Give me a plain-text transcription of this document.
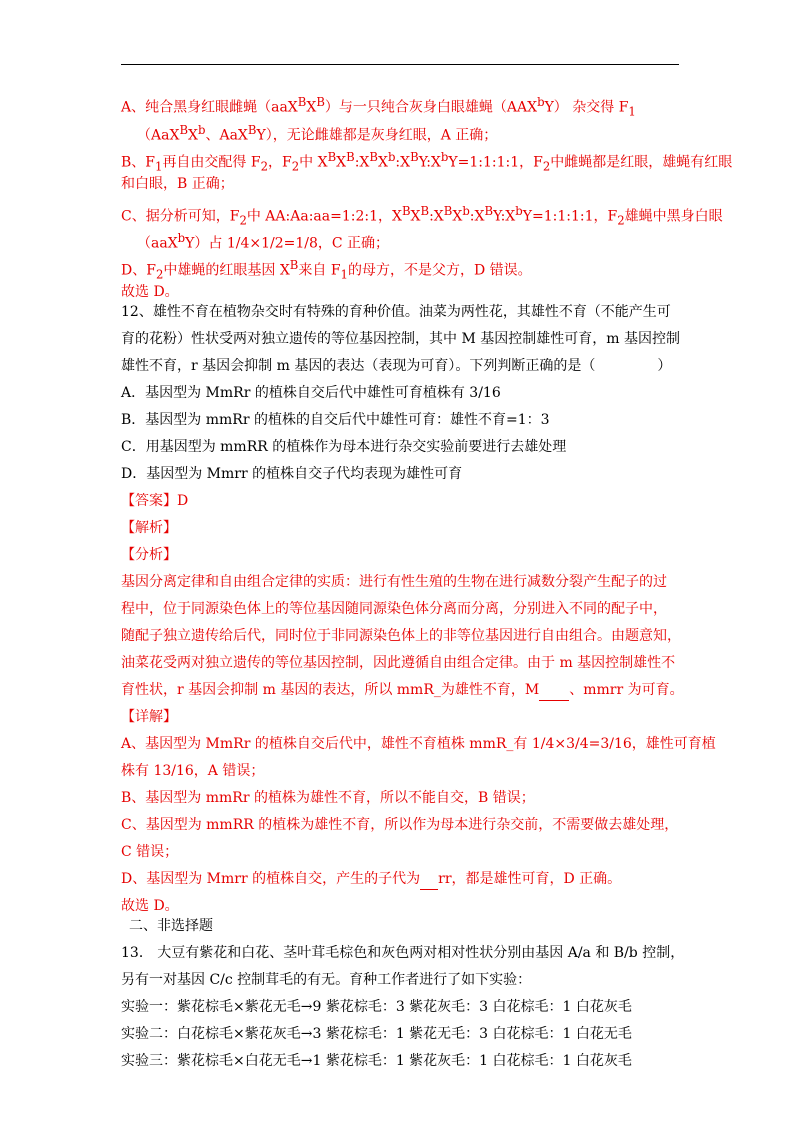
A、纯合黑身红眼雌蝇$(aaX^BX^B)$与一只纯合灰身白眼雄蝇（AAX$^b$Y） 杂交得 $F_1$
（$AaX^BX^b$、AaX$^B$Y），无论雌雄都是灰身红眼，A 正确；
B、$F_1$再自由交配得 $F_2$，$F_2$中 $X^BX^B:X^BX^b:X^BY:X^bY=1:1:1:1$，$F_2$中雌蝇都是红眼，雄蝇有红眼
和白眼，B 正确；
C、据分析可知，$F_2$中 AA:Aa:aa=1:2:1，$X^BX^B:X^BX^b:X^BY:X^bY=1:1:1:1$，$F_2$雄蝇中黑身白眼
（aaX$^b$Y）占 1/4×1/2=1/8，C 正确；
D、$F_2$中雄蝇的红眼基因 $X^B$来自 $F_1$的母方，不是父方，D 错误。
故选 D。
12、雄性不育在植物杂交时有特殊的育种价值。油菜为两性花，其雄性不育（不能产生可
育的花粉）性状受两对独立遗传的等位基因控制，其中 M 基因控制雄性可育，m 基因控制
雄性不育，r 基因会抑制 m 基因的表达（表现为可育）。下列判断正确的是（	）
A．基因型为 MmRr 的植株自交后代中雄性可育植株有 3/16
B．基因型为 mmRr 的植株的自交后代中雄性可育：雄性不育=1：3
C．用基因型为 mmRR 的植株作为母本进行杂交实验前要进行去雄处理
D．基因型为 Mmrr 的植株自交子代均表现为雄性可育
【答案】D
【解析】
【分析】
基因分离定律和自由组合定律的实质：进行有性生殖的生物在进行减数分裂产生配子的过
程中，位于同源染色体上的等位基因随同源染色体分离而分离，分别进入不同的配子中，
随配子独立遗传给后代，同时位于非同源染色体上的非等位基因进行自由组合。由题意知，
油菜花受两对独立遗传的等位基因控制，因此遵循自由组合定律。由于 m 基因控制雄性不
育性状，r 基因会抑制 m 基因的表达，所以 mmR_为雄性不育，M 、mmrr 为可育。
【详解】
A、基因型为 MmRr 的植株自交后代中，雄性不育植株 mmR_有 1/4×3/4=3/16，雄性可育植
株有 13/16，A 错误；
B、基因型为 mmRr 的植株为雄性不育，所以不能自交，B 错误；
C、基因型为 mmRR 的植株为雄性不育，所以作为母本进行杂交前，不需要做去雄处理，
C 错误；
D、基因型为 Mmrr 的植株自交，产生的子代为 rr，都是雄性可育，D 正确。
故选 D。
二、非选择题
13． 大豆有紫花和白花、茎叶茸毛棕色和灰色两对相对性状分别由基因 A/a 和 B/b 控制，
另有一对基因 C/c 控制茸毛的有无。育种工作者进行了如下实验：
实验一：紫花棕毛×紫花无毛→9 紫花棕毛：3 紫花灰毛：3 白花棕毛：1 白花灰毛
实验二：白花棕毛×紫花灰毛→3 紫花棕毛：1 紫花无毛：3 白花棕毛：1 白花无毛
实验三：紫花棕毛×白花无毛→1 紫花棕毛：1 紫花灰毛：1 白花棕毛：1 白花灰毛
